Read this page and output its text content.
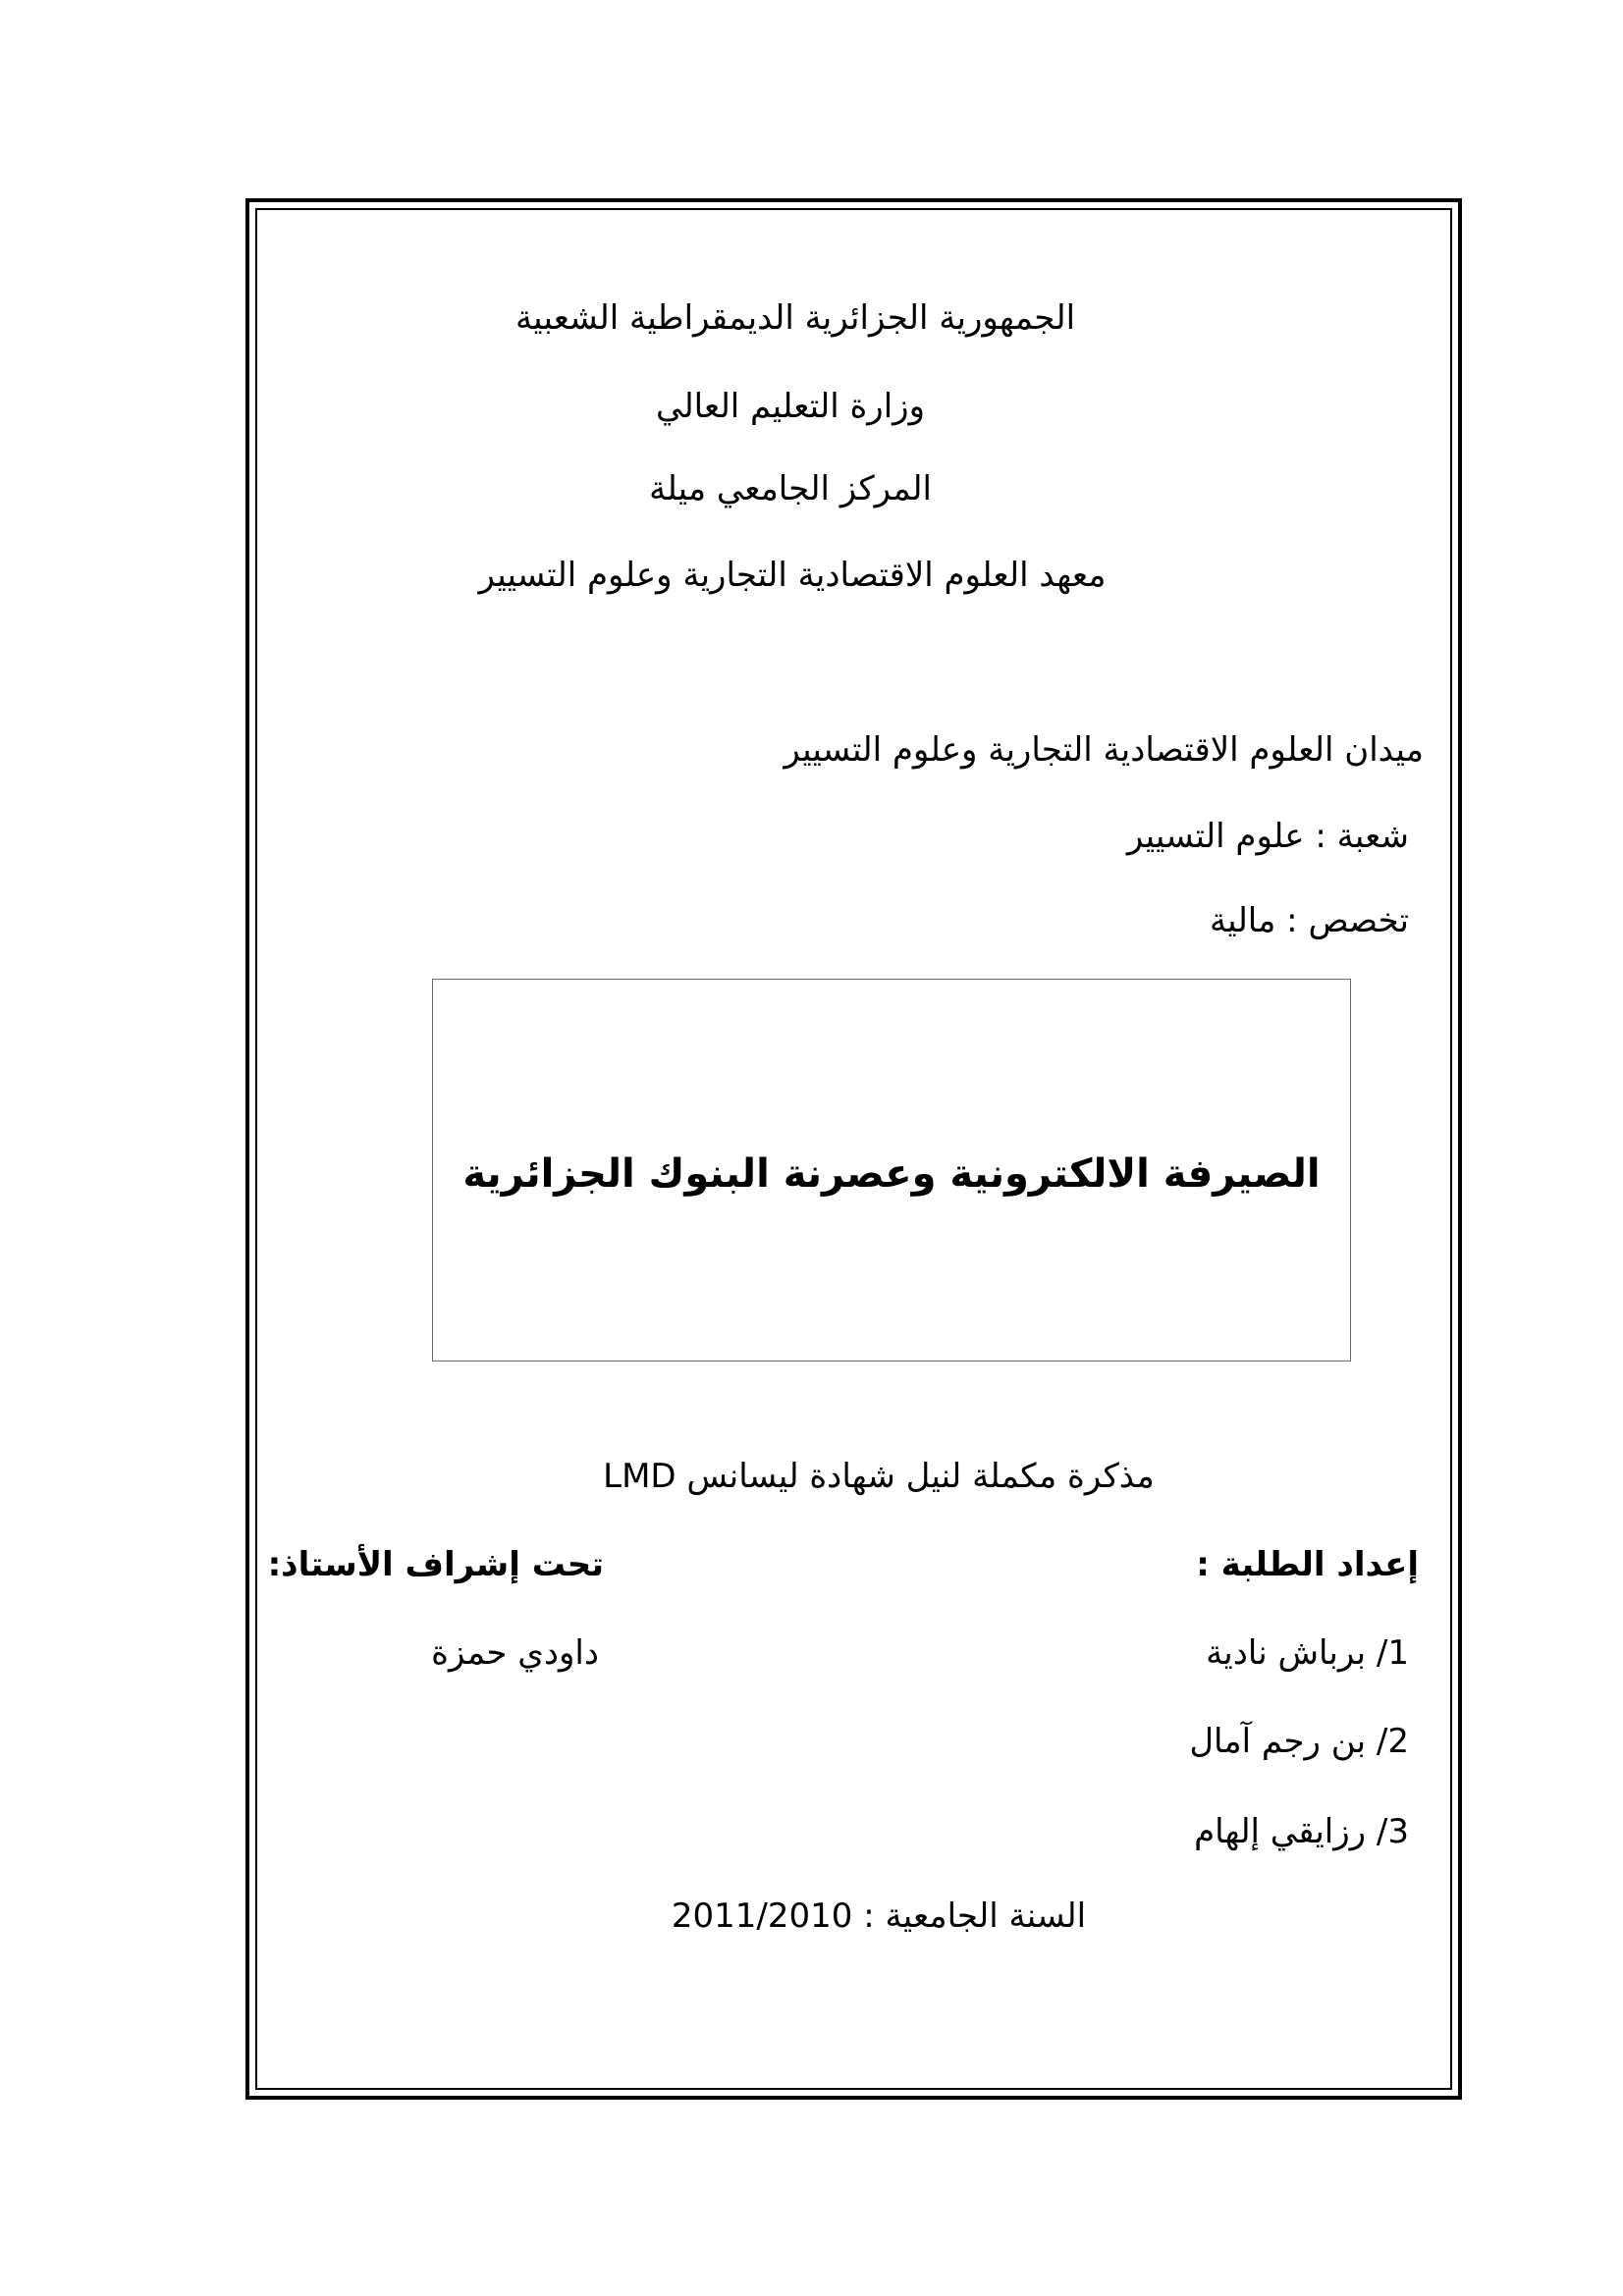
الجمهورية الجزائرية الديمقراطية الشعبية
وزارة التعليم العالي
المركز الجامعي ميلة
معهد العلوم الاقتصادية التجارية وعلوم التسيير
ميدان العلوم الاقتصادية التجارية وعلوم التسيير
شعبة : علوم التسيير
تخصص : مالية
الصيرفة الالكترونية وعصرنة البنوك الجزائرية
مذكرة مكملة لنيل شهادة ليسانس LMD
إعداد الطلبة :
تحت إشراف الأستاذ:
1/ برباش نادية
داودي حمزة
2/ بن رجم آمال
3/ رزايقي إلهام
السنة الجامعية : 2011/2010
